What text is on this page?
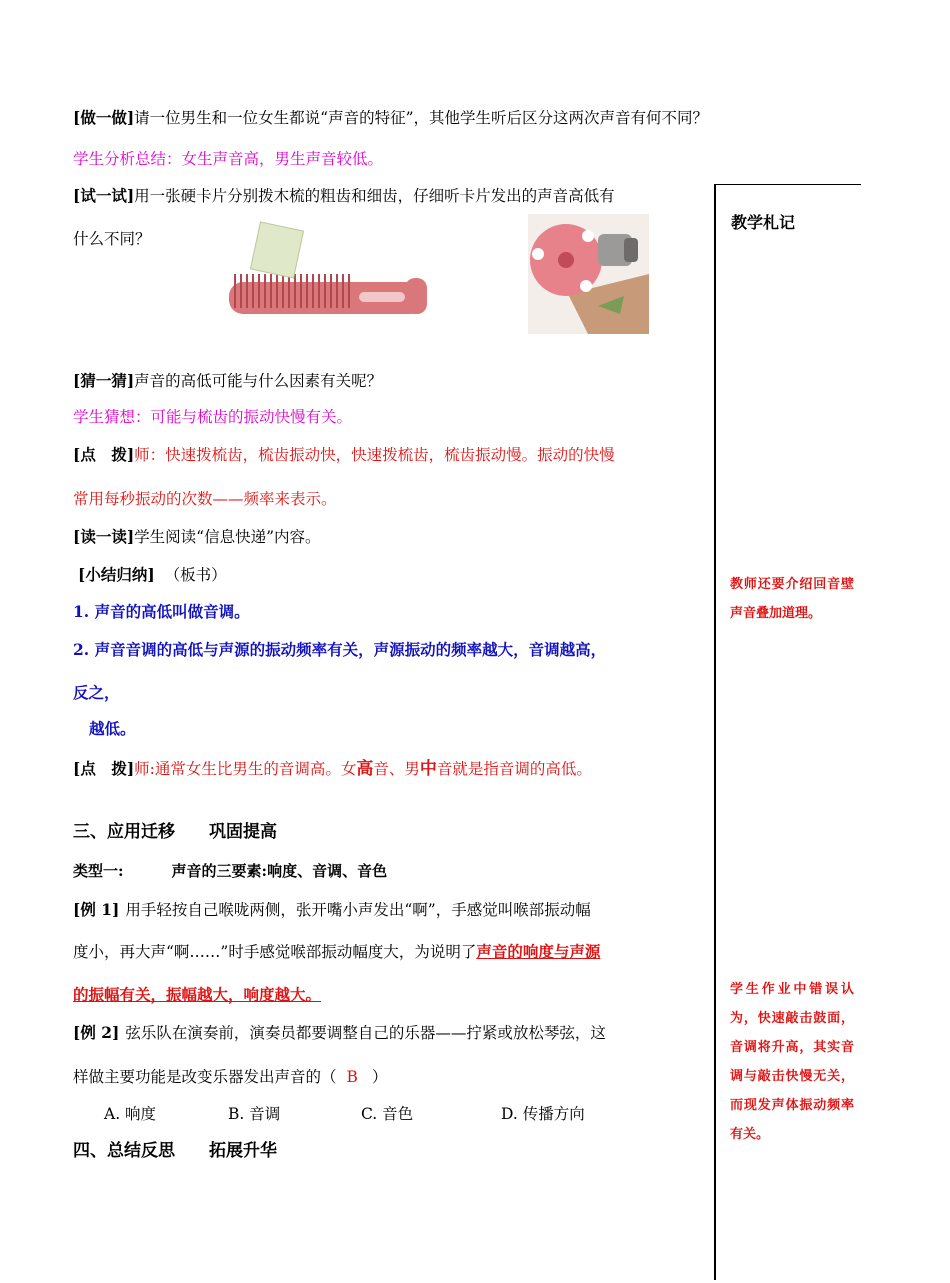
[做一做]请一位男生和一位女生都说“声音的特征”，其他学生听后区分这两次声音有何不同？
学生分析总结：女生声音高，男生声音较低。
[试一试]用一张硬卡片分别拨木梳的粗齿和细齿，仔细听卡片发出的声音高低有
什么不同？
[猜一猜]声音的高低可能与什么因素有关呢？
学生猜想：可能与梳齿的振动快慢有关。
[点　拨]师：快速拨梳齿，梳齿振动快，快速拨梳齿，梳齿振动慢。振动的快慢
常用每秒振动的次数——频率来表示。
[读一读]学生阅读“信息快递”内容。
[小结归纳] （板书）
1. 声音的高低叫做音调。
2. 声音音调的高低与声源的振动频率有关，声源振动的频率越大，音调越高，
反之，
越低。
[点　拨]师:通常女生比男生的音调高。女高音、男中音就是指音调的高低。
三、应用迁移　　巩固提高
类型一:	声音的三要素:响度、音调、音色
[例 1] 用手轻按自己喉咙两侧，张开嘴小声发出“啊”，手感觉叫喉部振动幅
度小，再大声“啊……”时手感觉喉部振动幅度大，为说明了声音的响度与声源
的振幅有关，振幅越大，响度越大。
[例 2] 弦乐队在演奏前，演奏员都要调整自己的乐器——拧紧或放松琴弦，这
样做主要功能是改变乐器发出声音的（ B ）
A. 响度	B. 音调	C. 音色	D. 传播方向
四、总结反思　　拓展升华
教学札记
教师还要介绍回音壁声音叠加道理。
学生作业中错误认为，快速敲击鼓面，音调将升高，其实音调与敲击快慢无关，而现发声体振动频率有关。
